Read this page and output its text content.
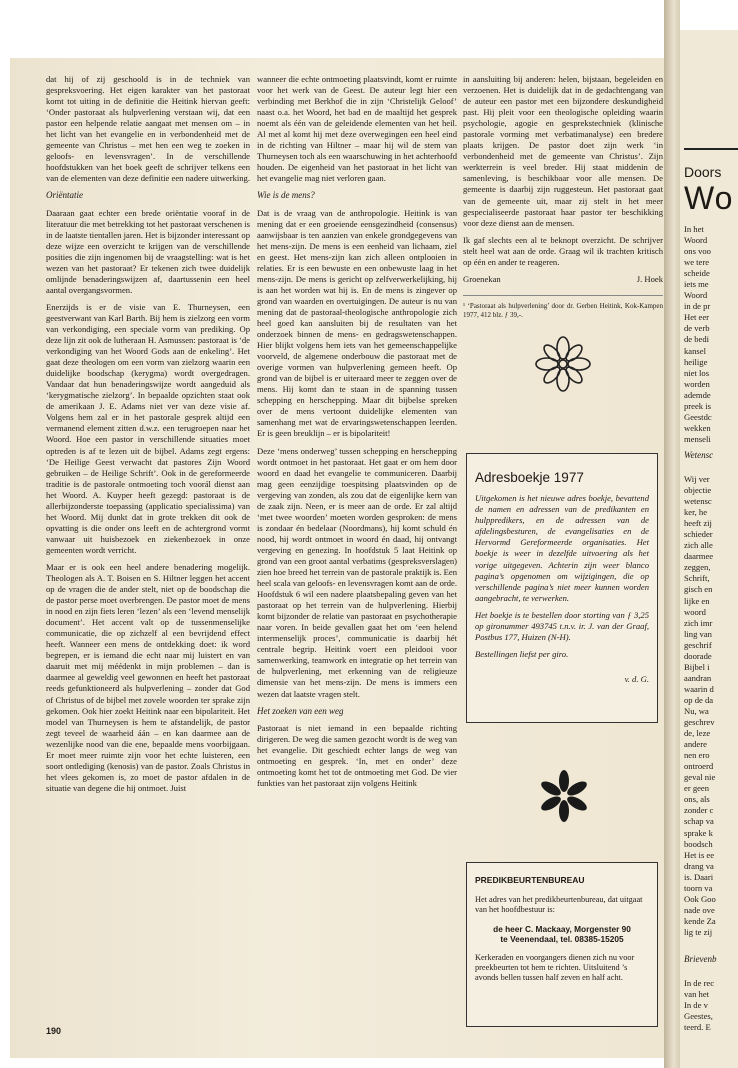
Doors
Wo
In het
Woord
ons voo
we tere
scheide
iets me
Woord
in de pr
Het eer
de verb
de bedi
kansel
heilige
niet los
worden
ademde
preek is
Geestdc
wekken
menseli
Wetensc
Wij ver
objectie
wetensc
ker, he
heeft zij
schieder
zich alle
daarmee
zeggen,
Schrift,
gisch en
lijke en
woord
zich imr
ling van
geschrif
doorade
Bijbel i
aandran
waarin d
op de da
Nu, wa
geschrev
de, leze
andere
nen ero
ontroerd
geval nie
er geen
ons, als
zonder c
schap va
sprake k
boodsch
Het is ee
drang va
is. Daari
toorn va
Ook Goo
nade ove
kende Za
lig te zij
Brievenb
In de rec
van het
In de v
Geestes,
teerd. E

dat hij of zij geschoold is in de techniek van gespreksvoering. Het eigen karakter van het pastoraat komt tot uiting in de definitie die Heitink hiervan geeft: ‘Onder pastoraat als hulpverlening verstaan wij, dat een pastor een helpende relatie aangaat met mensen om – in het licht van het evangelie en in verbondenheid met de gemeente van Christus – met hen een weg te zoeken in geloofs- en levensvragen’. In de verschillende hoofdstukken van het boek geeft de schrijver telkens een van de elementen van deze definitie een nadere uitwerking.

Oriëntatie

Daaraan gaat echter een brede oriëntatie vooraf in de literatuur die met betrekking tot het pastoraat verschenen is in de laatste tientallen jaren. Het is bijzonder interessant op deze wijze een overzicht te krijgen van de verschillende posities die zijn ingenomen bij de vraagstelling: wat is het wezen van het pastoraat? Er tekenen zich twee duidelijk omlijnde benaderingswijzen af, daartussenin een heel aantal overgangsvormen.

Enerzijds is er de visie van E. Thurneysen, een geestverwant van Karl Barth. Bij hem is zielzorg een vorm van verkondiging, een speciale vorm van prediking. Op deze lijn zit ook de lutheraan H. Asmussen: pastoraat is ‘de verkondiging van het Woord Gods aan de enkeling’. Het gaat deze theologen om een vorm van zielzorg waarin een duidelijke boodschap (kerygma) wordt overgedragen. Vandaar dat hun benaderingswijze wordt aangeduid als ‘kerygmatische zielzorg’. In bepaalde opzichten staat ook de amerikaan J. E. Adams niet ver van deze visie af. Volgens hem zal er in het pastorale gesprek altijd een vermanend element zitten d.w.z. een terugroepen naar het Woord. Hoe een pastor in verschillende situaties moet optreden is af te lezen uit de bijbel. Adams zegt ergens: ‘De Heilige Geest verwacht dat pastores Zijn Woord gebruiken – de Heilige Schrift’. Ook in de gereformeerde traditie is de pastorale ontmoeting toch voorál dienst aan het Woord. A. Kuyper heeft gezegd: pastoraat is de allerbijzonderste toepassing (applicatio specialissima) van het Woord. Mij dunkt dat in grote trekken dit ook de opvatting is die onder ons leeft en de achtergrond vormt vanwaar uit huisbezoek en ziekenbezoek in onze gemeenten wordt verricht.

Maar er is ook een heel andere benadering mogelijk. Theologen als A. T. Boisen en S. Hiltner leggen het accent op de vragen die de ander stelt, niet op de boodschap die de pastor perse moet overbrengen. De pastor moet de mens in nood en zijn fiets leren ‘lezen’ als een ‘levend menselijk document’. Het accent valt op de tussenmenselijke communicatie, die op zichzelf al een bevrijdend effect heeft. Wanneer een mens de ontdekking doet: ik word begrepen, er is iemand die echt naar mij luistert en van daaruit met mij méédenkt in mijn problemen – dan is daarmee al geweldig veel gewonnen en heeft het pastoraat reeds gefunktioneerd als hulpverlening – zonder dat God of Christus of de bijbel met zovele woorden ter sprake zijn gekomen. Ook hier zoekt Heitink naar een bipolariteit. Het model van Thurneysen is hem te afstandelijk, de pastor zegt teveel de waarheid áán – en kan daarmee aan de wezenlijke nood van die ene, bepaalde mens voorbijgaan. Er moet meer ruimte zijn voor het echte luisteren, een soort ontlediging (kenosis) van de pastor. Zoals Christus in het vlees gekomen is, zo moet de pastor afdalen in de situatie van degene die hij ontmoet. Juist

wanneer die echte ontmoeting plaatsvindt, komt er ruimte voor het werk van de Geest. De auteur legt hier een verbinding met Berkhof die in zijn ‘Christelijk Geloof’ naast o.a. het Woord, het bad en de maaltijd het gesprek noemt als één van de geleidende elementen van het heil. Al met al komt hij met deze overwegingen een heel eind in de richting van Hiltner – maar hij wil de stem van Thurneysen toch als een waarschuwing in het achterhoofd houden. De eigenheid van het pastoraat in het licht van het evangelie mag niet verloren gaan.

Wie is de mens?

Dat is de vraag van de anthropologie. Heitink is van mening dat er een groeiende eensgezindheid (consensus) aanwijsbaar is ten aanzien van enkele grondgegevens van het mens-zijn. De mens is een eenheid van lichaam, ziel en geest. Het mens-zijn kan zich alleen ontplooien in relaties. Er is een bewuste en een onbewuste laag in het mens-zijn. De mens is gericht op zelfverwerkelijking, hij is aan het worden wat hij is. En de mens is zingever op grond van waarden en overtuigingen. De auteur is nu van mening dat de pastoraal-theologische anthropologie zich heel goed kan aansluiten bij de resultaten van het onderzoek binnen de mens- en gedragswetenschappen. Hier blijkt volgens hem iets van het gemeenschappelijke voorveld, de algemene onderbouw die pastoraat met de overige vormen van hulpverlening gemeen heeft. Op grond van de bijbel is er uiteraard meer te zeggen over de mens. Hij komt dan te staan in de spanning tussen schepping en herschepping. Maar dit bijbelse spreken over de mens vertoont duidelijke elementen van samenhang met wat de ervaringswetenschappen leerden. Er is geen breuklijn – er is bipolariteit!

Deze ‘mens onderweg’ tussen schepping en herschepping wordt ontmoet in het pastoraat. Het gaat er om hem door woord en daad het evangelie te communiceren. Daarbij mag geen eenzijdige toespitsing plaatsvinden op de vergeving van zonden, als zou dat de eigenlijke kern van de zaak zijn. Neen, er is meer aan de orde. Er zal altijd ‘met twee woorden’ moeten worden gesproken: de mens is zondaar én bedelaar (Noordmans), hij komt schuld én nood, hij wordt ontmoet in woord én daad, hij ontvangt vergeving en genezing. In hoofdstuk 5 laat Heitink op grond van een groot aantal verbatims (gespreksverslagen) zien hoe breed het terrein van de pastorale praktijk is. Een heel scala van geloofs- en levensvragen komt aan de orde. Hoofdstuk 6 wil een nadere plaatsbepaling geven van het pastoraat op het terrein van de hulpverlening. Hierbij komt bijzonder de relatie van pastoraat en psychotherapie naar voren. In beide gevallen gaat het om ‘een helend intermenselijk proces’, communicatie is daarbij hét centrale begrip. Heitink voert een pleidooi voor samenwerking, teamwork en integratie op het terrein van de hulpverlening, met erkenning van de religieuze dimensie van het mens-zijn. De mens is immers een wezen dat laatste vragen stelt.

Het zoeken van een weg

Pastoraat is niet iemand in een bepaalde richting dirigeren. De weg die samen gezocht wordt is de weg van het evangelie. Dit geschiedt echter langs de weg van ontmoeting en gesprek. ‘In, met en onder’ deze ontmoeting komt het tot de ontmoeting met God. De vier funkties van het pastoraat zijn volgens Heitink

in aansluiting bij anderen: helen, bijstaan, begeleiden en verzoenen. Het is duidelijk dat in de gedachtengang van de auteur een pastor met een bijzondere deskundigheid past. Hij pleit voor een theologische opleiding waarin psychologie, agogie en gesprekstechniek (klinische pastorale vorming met verbatimanalyse) een bredere plaats krijgen. De pastor doet zijn werk ‘in verbondenheid met de gemeente van Christus’. Zijn werkterrein is veel breder. Hij staat middenin de samenleving, is beschikbaar voor alle mensen. De gemeente is daarbij zijn ruggesteun. Het pastoraat gaat van de gemeente uit, maar zij stelt in het meer gespecialiseerde pastoraat haar pastor ter beschikking voor deze dienst aan de mensen.

Ik gaf slechts een al te beknopt overzicht. De schrijver stelt heel wat aan de orde. Graag wil ik trachten kritisch op één en ander te reageren.

Groenekan	J. Hoek
¹ ‘Pastoraat als hulpverlening’ door dr. Gerben Heitink, Kok-Kampen 1977, 412 blz. ƒ 39,-.
Adresboekje 1977

Uitgekomen is het nieuwe adres boekje, bevattend de namen en adressen van de predikanten en hulppredikers, en de adressen van de afdelingsbesturen, de evangelisaties en de Hervormd Gereformeerde organisaties. Het boekje is weer in dezelfde uitvoering als het vorige uitgegeven. Achterin zijn weer blanco pagina’s opgenomen om wijzigingen, die op verschillende pagina’s niet meer kunnen worden aangebracht, te verwerken.

Het boekje is te bestellen door storting van ƒ 3,25 op gironummer 493745 t.n.v. ir. J. van der Graaf, Postbus 177, Huizen (N-H).

Bestellingen liefst per giro.

v. d. G.

PREDIKBEURTENBUREAU

Het adres van het predikbeurtenbureau, dat uitgaat van het hoofdbestuur is:

de heer C. Mackaay, Morgenster 90
te Veenendaal, tel. 08385-15205

Kerkeraden en voorgangers dienen zich nu voor preekbeurten tot hem te richten. Uitsluitend ’s avonds bellen tussen half zeven en half acht.

190
